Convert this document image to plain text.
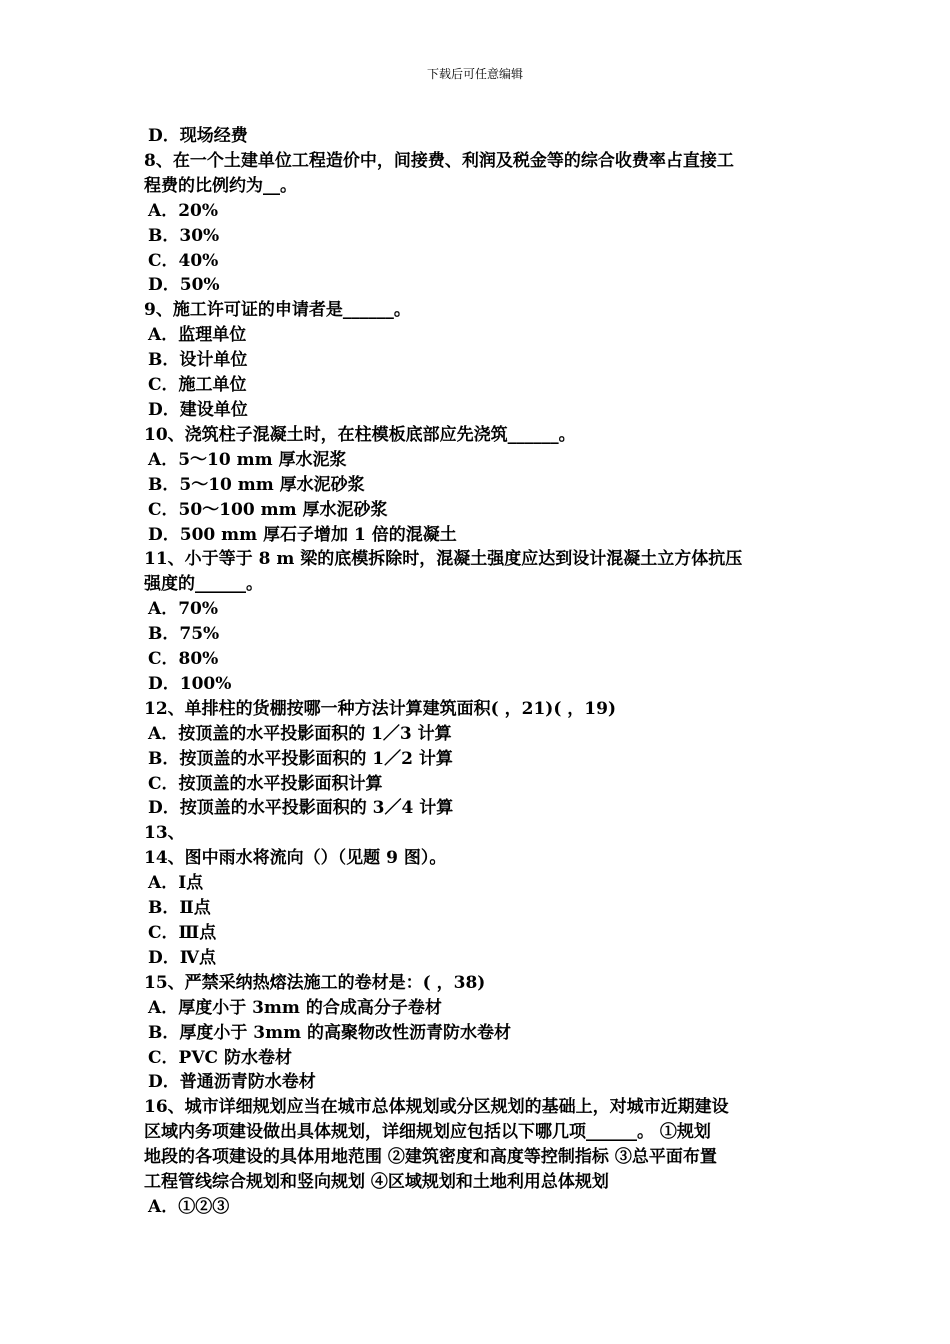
下载后可任意编辑
D．现场经费
8、在一个土建单位工程造价中，间接费、利润及税金等的综合收费率占直接工
程费的比例约为__。
A．20%
B．30%
C．40%
D．50%
9、施工许可证的申请者是______。
A．监理单位
B．设计单位
C．施工单位
D．建设单位
10、浇筑柱子混凝土时，在柱模板底部应先浇筑______。
A．5～10 mm 厚水泥浆
B．5～10 mm 厚水泥砂浆
C．50～100 mm 厚水泥砂浆
D．500 mm 厚石子增加 1 倍的混凝土
11、小于等于 8 m 梁的底模拆除时，混凝土强度应达到设计混凝土立方体抗压
强度的______。
A．70%
B．75%
C．80%
D．100%
12、单排柱的货棚按哪一种方法计算建筑面积( ，21)( ，19)
A．按顶盖的水平投影面积的 1／3 计算
B．按顶盖的水平投影面积的 1／2 计算
C．按顶盖的水平投影面积计算
D．按顶盖的水平投影面积的 3／4 计算
13、
14、图中雨水将流向（）（见题 9 图）。
A．Ⅰ点
B．Ⅱ点
C．Ⅲ点
D．Ⅳ点
15、严禁采纳热熔法施工的卷材是：( ，38)
A．厚度小于 3mm 的合成高分子卷材
B．厚度小于 3mm 的高聚物改性沥青防水卷材
C．PVC 防水卷材
D．普通沥青防水卷材
16、城市详细规划应当在城市总体规划或分区规划的基础上，对城市近期建设
区域内务项建设做出具体规划，详细规划应包括以下哪几项______。 ①规划
地段的各项建设的具体用地范围 ②建筑密度和高度等控制指标 ③总平面布置
工程管线综合规划和竖向规划 ④区域规划和土地利用总体规划
A．①②③
